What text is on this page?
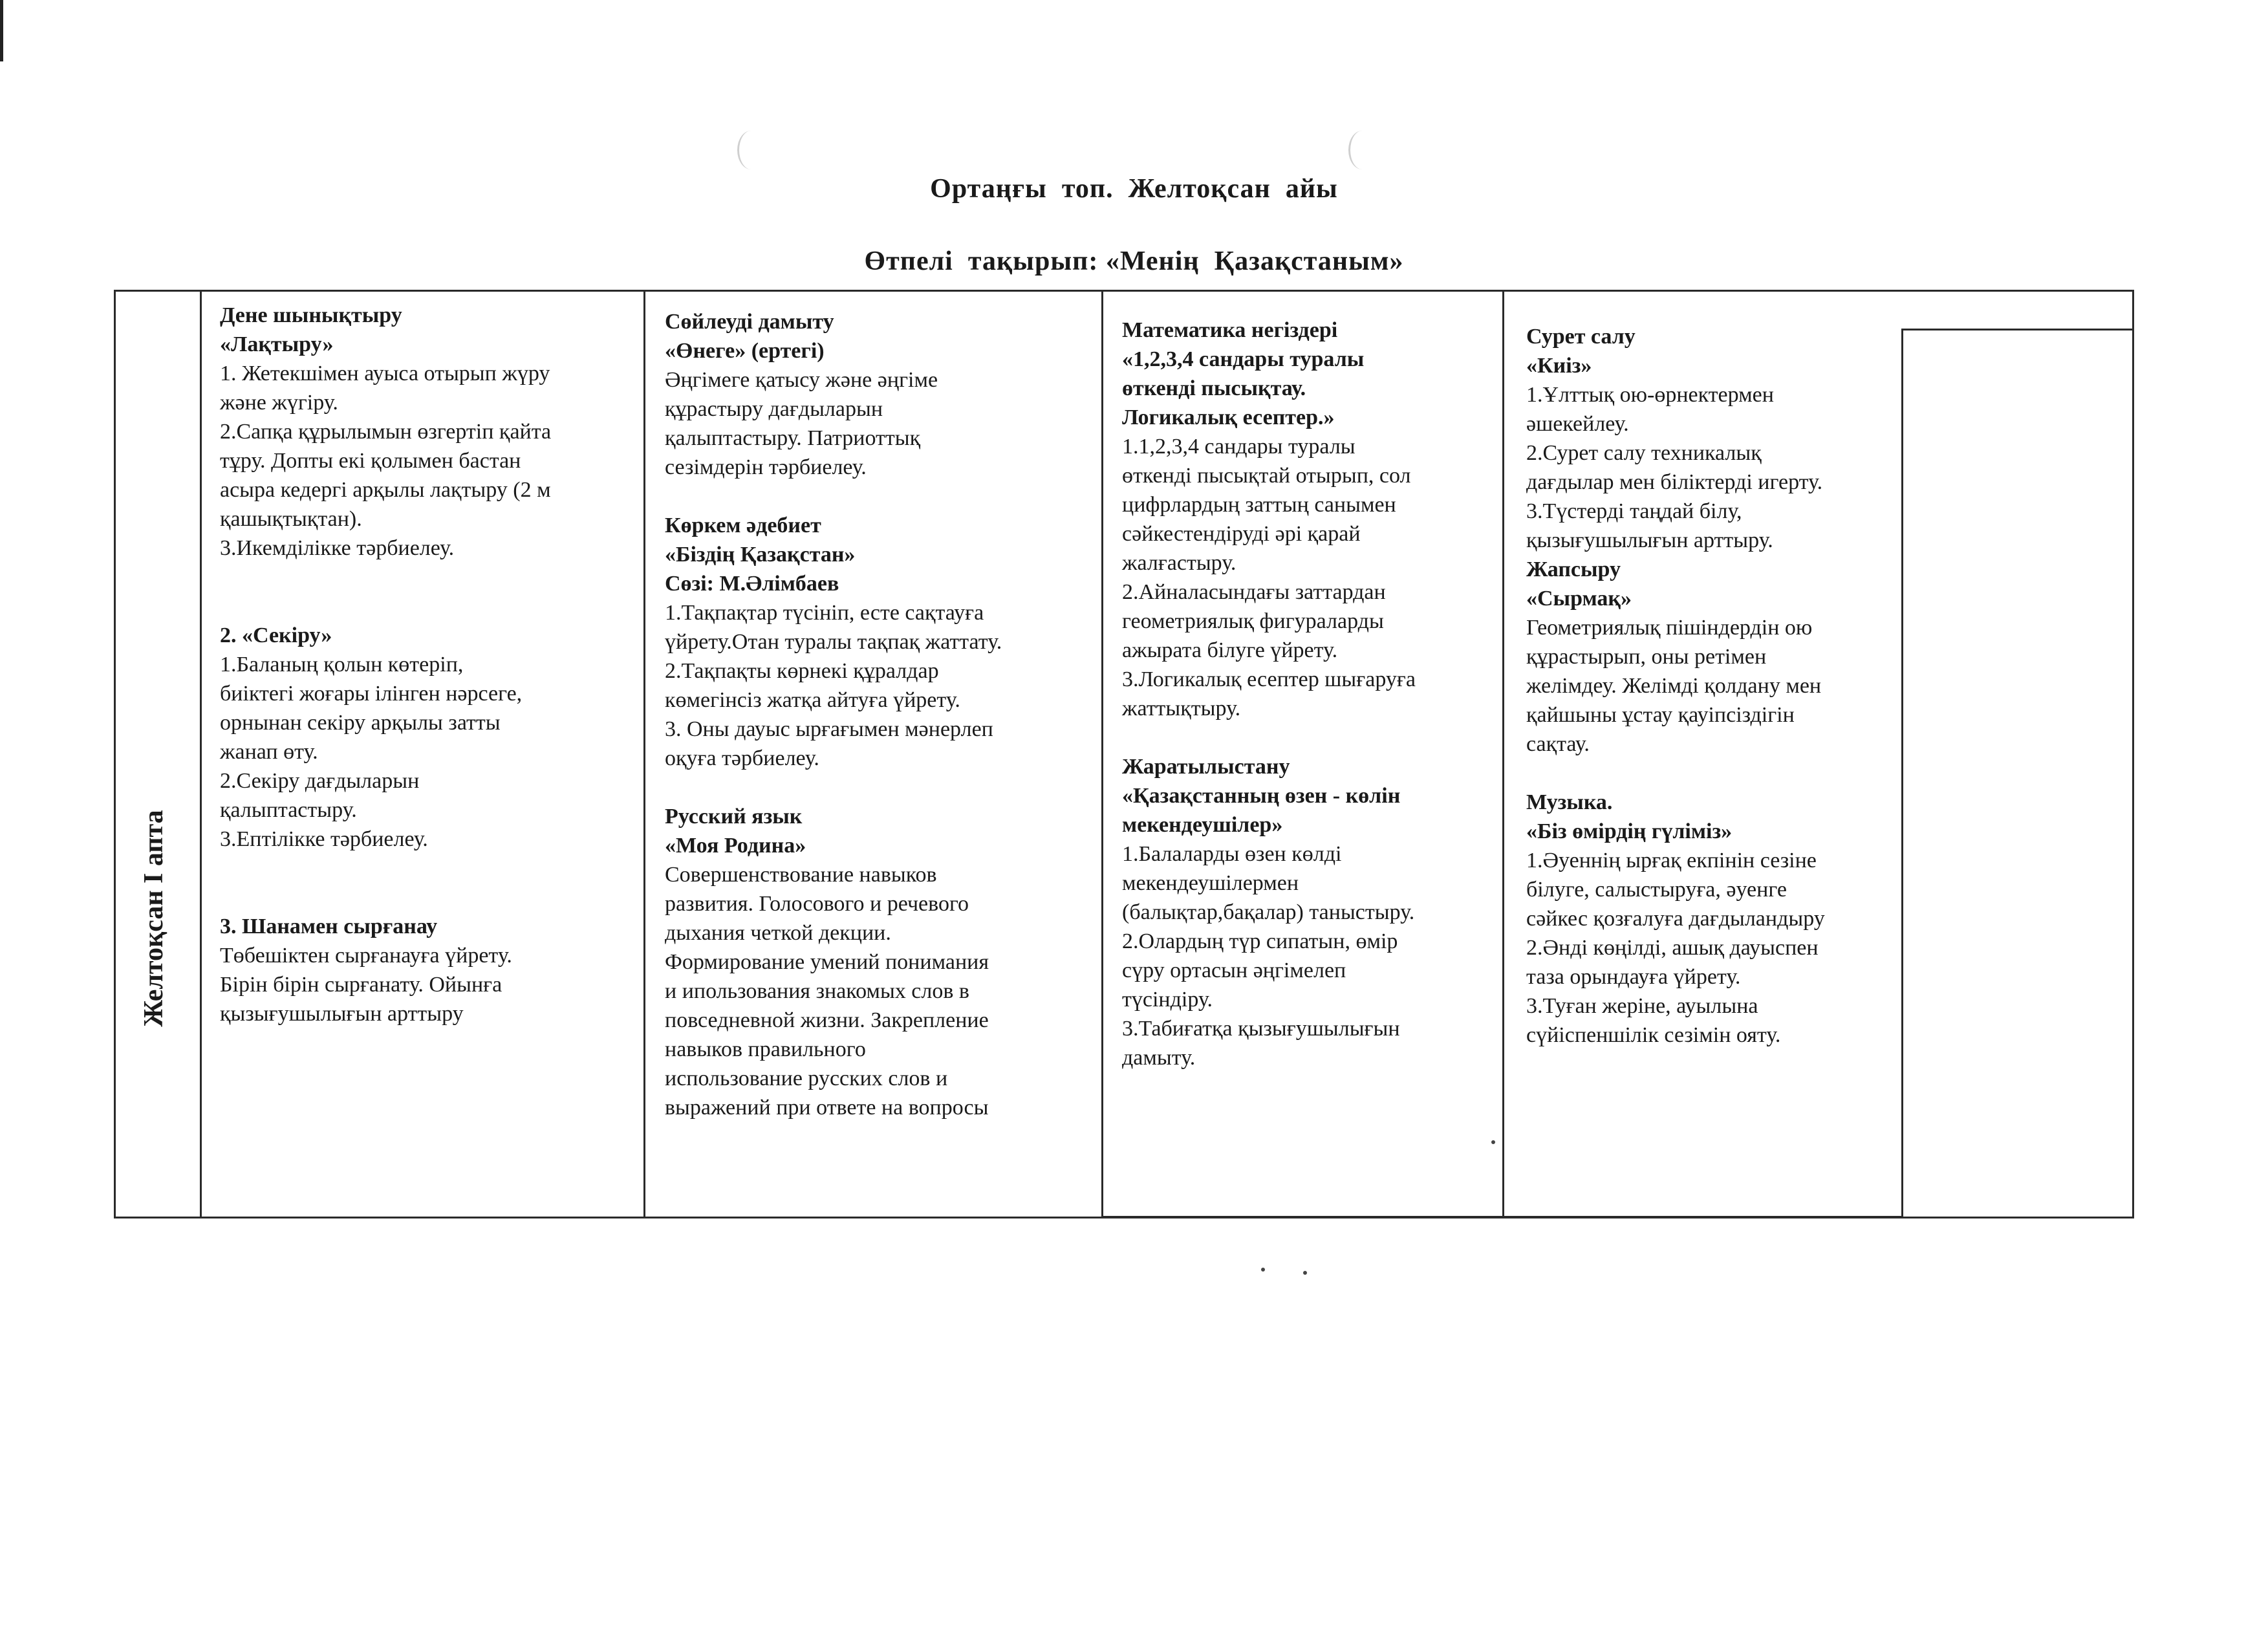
Ортаңғы  топ.  Желтоқсан  айы
Өтпелі  тақырып: «Менің  Қазақстаным»
Желтоқсан I апта
Дене шынықтыру
«Лақтыру»
1. Жетекшімен ауыса отырып жүру
және жүгіру.
2.Сапқа құрылымын өзгертіп қайта
тұру. Допты екі қолымен бастан
асыра кедергі арқылы лақтыру (2 м
қашықтықтан).
3.Икемділікке тәрбиелеу.
2. «Секіру»
1.Баланың қолын көтеріп,
биіктегі жоғары ілінген нәрсеге,
орнынан секіру арқылы затты
жанап өту.
2.Секіру дағдыларын
қалыптастыру.
3.Ептілікке тәрбиелеу.
3. Шанамен сырғанау
Төбешіктен сырғанауға үйрету.
Бірін бірін сырғанату. Ойынға
қызығушылығын арттыру
Сөйлеуді дамыту
«Өнеге» (ертегі)
Әңгімеге қатысу және әңгіме
құрастыру дағдыларын
қалыптастыру. Патриоттық
сезімдерін тәрбиелеу.
Көркем әдебиет
«Біздің Қазақстан»
Сөзі: М.Әлімбаев
1.Тақпақтар түсініп, есте сақтауға
үйрету.Отан туралы тақпақ жаттату.
2.Тақпақты көрнекі құралдар
көмегінсіз жатқа айтуға үйрету.
3. Оны дауыс ырғағымен мәнерлеп
оқуға тәрбиелеу.
Русский язык
«Моя Родина»
Совершенствование навыков
развития. Голосового и речевого
дыхания четкой декции.
Формирование умений понимания
и ипользования знакомых слов в
повседневной жизни. Закрепление
навыков правильного
использование русских слов и
выражений при ответе на вопросы
Математика негіздері
«1,2,3,4 сандары туралы
өткенді пысықтау.
Логикалық есептер.»
1.1,2,3,4 сандары туралы
өткенді пысықтай отырып, сол
цифрлардың заттың санымен
сәйкестендіруді әрі қарай
жалғастыру.
2.Айналасындағы заттардан
геометриялық фигураларды
ажырата білуге үйрету.
3.Логикалық есептер шығаруға
жаттықтыру.
Жаратылыстану
«Қазақстанның өзен - көлін
мекендеушілер»
1.Балаларды өзен көлді
мекендеушілермен
(балықтар,бақалар) таныстыру.
2.Олардың түр сипатын, өмір
сүру ортасын әңгімелеп
түсіндіру.
3.Табиғатқа қызығушылығын
дамыту.
Сурет салу
«Киіз»
1.Ұлттық ою-өрнектермен
әшекейлеу.
2.Сурет салу техникалық
дағдылар мен біліктерді игерту.
3.Түстерді таңдай білу,
қызығушылығын арттыру.
Жапсыру
«Сырмақ»
Геометриялық пішіндердін ою
құрастырып, оны ретімен
желімдеу. Желімді қолдану мен
қайшыны ұстау қауіпсіздігін
сақтау.
Музыка.
«Біз өмірдің гүліміз»
1.Әуеннің ырғақ екпінін сезіне
білуге, салыстыруға, әуенге
сәйкес қозғалуға дағдыландыру
2.Әнді көңілді, ашық дауыспен
таза орындауға үйрету.
3.Туған жеріне, ауылына
сүйіспеншілік сезімін ояту.
